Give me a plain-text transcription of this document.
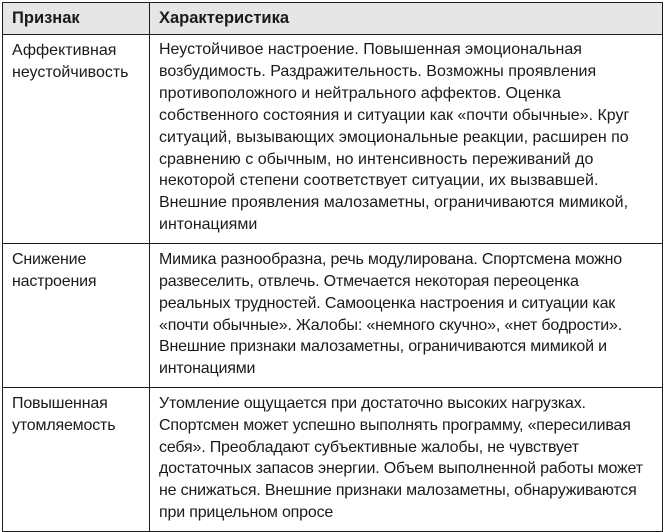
Признак	Характеристика
Аффективная неустойчивость	Неустойчивое настроение. Повышенная эмоциональная возбудимость. Раздражительность. Возможны проявления противоположного и нейтрального аффектов. Оценка собственного состояния и ситуации как «почти обычные». Круг ситуаций, вызывающих эмоциональные реакции, расширен по сравнению с обычным, но интенсивность переживаний до некоторой степени соответствует ситуации, их вызвавшей. Внешние проявления малозаметны, ограничиваются мимикой, интонациями
Снижение настроения	Мимика разнообразна, речь модулирована. Спортсмена можно развеселить, отвлечь. Отмечается некоторая переоценка реальных трудностей. Самооценка настроения и ситуации как «почти обычные». Жалобы: «немного скучно», «нет бодрости». Внешние признаки малозаметны, ограничиваются мимикой и интонациями
Повышенная утомляемость	Утомление ощущается при достаточно высоких нагрузках. Спортсмен может успешно выполнять программу, «пересиливая себя». Преобладают субъективные жалобы, не чувствует достаточных запасов энергии. Объем выполненной работы может не снижаться. Внешние признаки малозаметны, обнаруживаются при прицельном опросе
